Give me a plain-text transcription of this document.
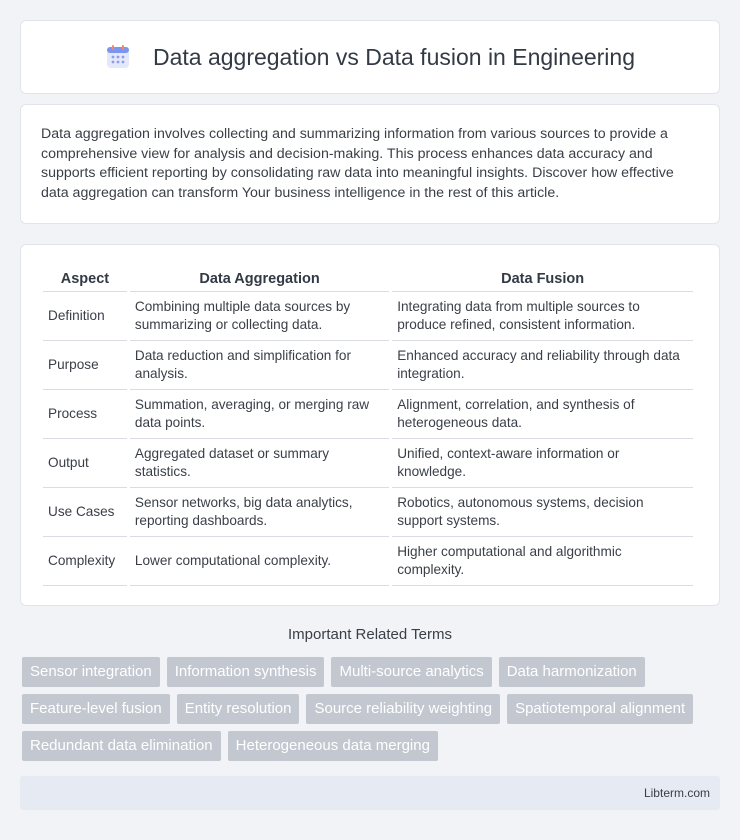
Data aggregation vs Data fusion in Engineering

Data aggregation involves collecting and summarizing information from various sources to provide a comprehensive view for analysis and decision-making. This process enhances data accuracy and supports efficient reporting by consolidating raw data into meaningful insights. Discover how effective data aggregation can transform Your business intelligence in the rest of this article.

Aspect	Data Aggregation	Data Fusion
Definition	Combining multiple data sources by summarizing or collecting data.	Integrating data from multiple sources to produce refined, consistent information.
Purpose	Data reduction and simplification for analysis.	Enhanced accuracy and reliability through data integration.
Process	Summation, averaging, or merging raw data points.	Alignment, correlation, and synthesis of heterogeneous data.
Output	Aggregated dataset or summary statistics.	Unified, context-aware information or knowledge.
Use Cases	Sensor networks, big data analytics, reporting dashboards.	Robotics, autonomous systems, decision support systems.
Complexity	Lower computational complexity.	Higher computational and algorithmic complexity.
Important Related Terms
Sensor integration	Information synthesis	Multi-source analytics	Data harmonization
Feature-level fusion	Entity resolution	Source reliability weighting	Spatiotemporal alignment
Redundant data elimination	Heterogeneous data merging
Libterm.com
